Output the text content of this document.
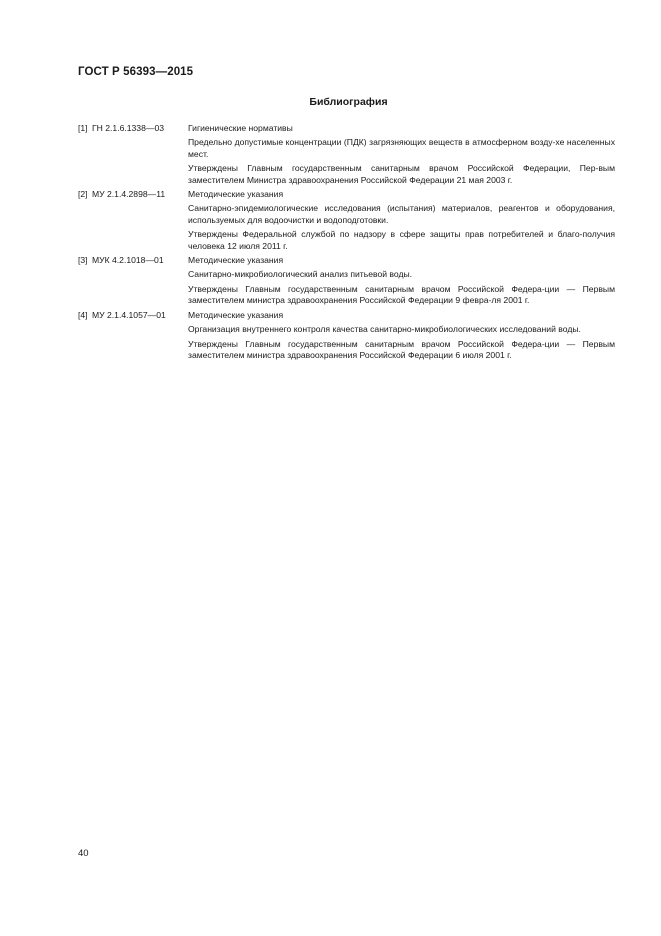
ГОСТ Р 56393—2015
Библиография
[1] ГН 2.1.6.1338—03	Гигиенические нормативы

Предельно допустимые концентрации (ПДК) загрязняющих веществ в атмосферном возду-хе населенных мест.

Утверждены Главным государственным санитарным врачом Российской Федерации, Пер-вым заместителем Министра здравоохранения Российской Федерации 21 мая 2003 г.

[2] МУ 2.1.4.2898—11	Методические указания

Санитарно-эпидемиологические исследования (испытания) материалов, реагентов и оборудования, используемых для водоочистки и водоподготовки.

Утверждены Федеральной службой по надзору в сфере защиты прав потребителей и благо-получия человека 12 июля 2011 г.

[3] МУК 4.2.1018—01	Методические указания

Санитарно-микробиологический анализ питьевой воды.

Утверждены Главным государственным санитарным врачом Российской Федера-ции — Первым заместителем министра здравоохранения Российской Федерации 9 февра-ля 2001 г.

[4] МУ 2.1.4.1057—01	Методические указания

Организация внутреннего контроля качества санитарно-микробиологических исследований воды.

Утверждены Главным государственным санитарным врачом Российской Федера-ции — Первым заместителем министра здравоохранения Российской Федерации 6 июля 2001 г.

40
